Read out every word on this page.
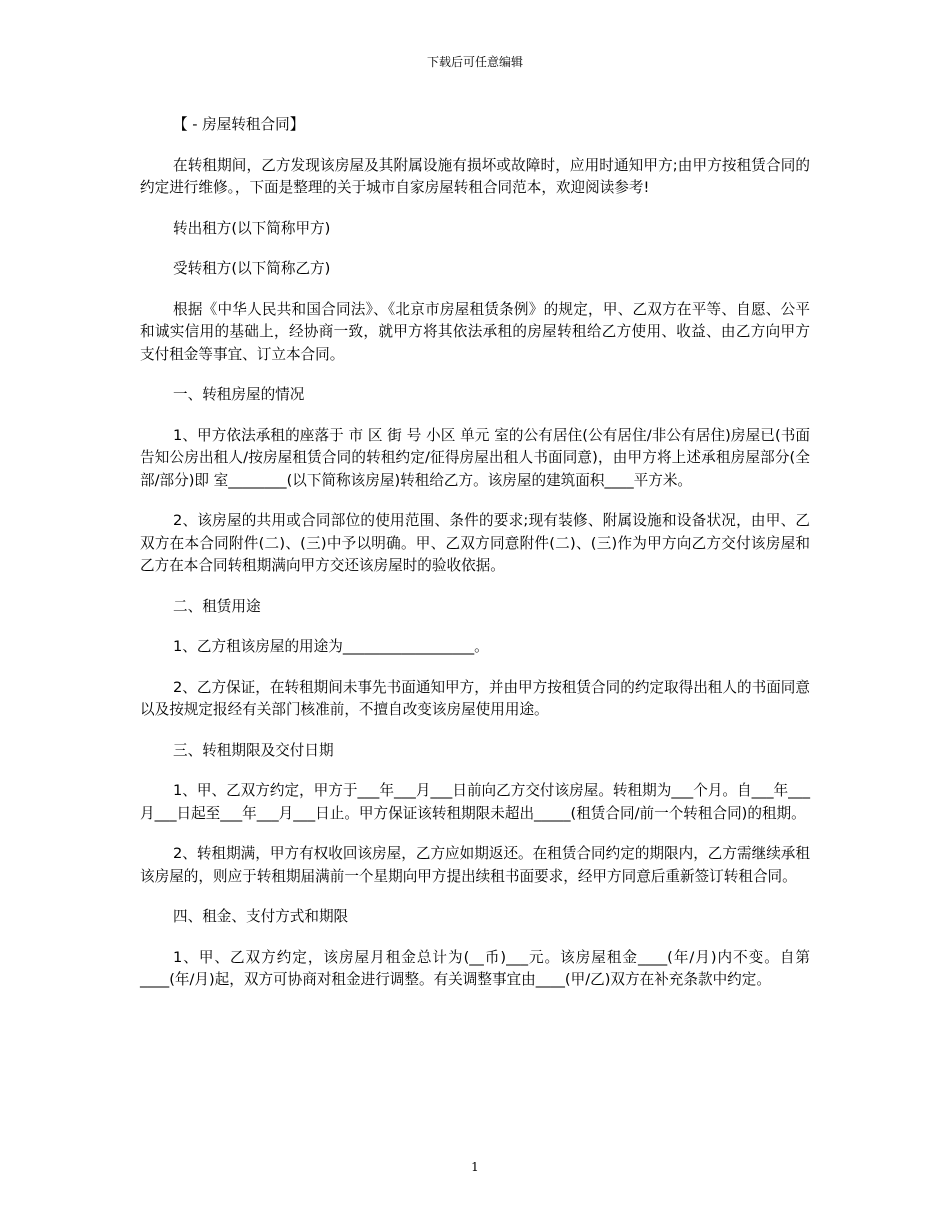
下载后可任意编辑

【 - 房屋转租合同】

在转租期间，乙方发现该房屋及其附属设施有损坏或故障时，应用时通知甲方;由甲方按租赁合同的约定进行维修。，下面是整理的关于城市自家房屋转租合同范本，欢迎阅读参考!

转出租方(以下简称甲方)

受转租方(以下简称乙方)

根据《中华人民共和国合同法》、《北京市房屋租赁条例》的规定，甲、乙双方在平等、自愿、公平和诚实信用的基础上，经协商一致，就甲方将其依法承租的房屋转租给乙方使用、收益、由乙方向甲方支付租金等事宜、订立本合同。

一、转租房屋的情况

1、甲方依法承租的座落于 市 区 街 号 小区 单元 室的公有居住(公有居住/非公有居住)房屋已(书面告知公房出租人/按房屋租赁合同的转租约定/征得房屋出租人书面同意)，由甲方将上述承租房屋部分(全部/部分)即 室________(以下简称该房屋)转租给乙方。该房屋的建筑面积____平方米。

2、该房屋的共用或合同部位的使用范围、条件的要求;现有装修、附属设施和设备状况，由甲、乙双方在本合同附件(二)、(三)中予以明确。甲、乙双方同意附件(二)、(三)作为甲方向乙方交付该房屋和乙方在本合同转租期满向甲方交还该房屋时的验收依据。

二、租赁用途

1、乙方租该房屋的用途为__________________。

2、乙方保证，在转租期间未事先书面通知甲方，并由甲方按租赁合同的约定取得出租人的书面同意以及按规定报经有关部门核准前，不擅自改变该房屋使用用途。

三、转租期限及交付日期

1、甲、乙双方约定，甲方于___年___月___日前向乙方交付该房屋。转租期为___个月。自___年___月___日起至___年___月___日止。甲方保证该转租期限未超出_____(租赁合同/前一个转租合同)的租期。

2、转租期满，甲方有权收回该房屋，乙方应如期返还。在租赁合同约定的期限内，乙方需继续承租该房屋的，则应于转租期届满前一个星期向甲方提出续租书面要求，经甲方同意后重新签订转租合同。

四、租金、支付方式和期限

1、甲、乙双方约定，该房屋月租金总计为(__币)___元。该房屋租金____(年/月)内不变。自第____(年/月)起，双方可协商对租金进行调整。有关调整事宜由____(甲/乙)双方在补充条款中约定。

1
